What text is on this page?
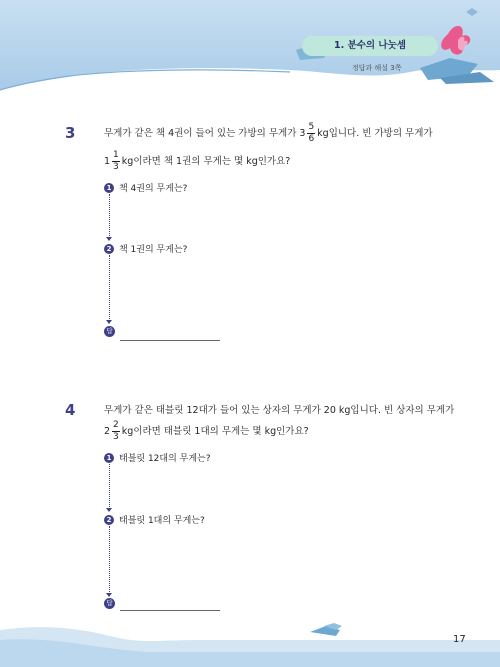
1. 분수의 나눗셈
정답과 해설 3쪽
3	무게가 같은 책 4권이 들어 있는 가방의 무게가 $3 \frac{5}{6}$ kg입니다. 빈 가방의 무게가
$1 \frac{1}{3}$ kg이라면 책 1권의 무게는 몇 kg인가요?
1 책 4권의 무게는?
2 책 1권의 무게는?
답
4	무게가 같은 태블릿 12대가 들어 있는 상자의 무게가 20 kg입니다. 빈 상자의 무게가
$2 \frac{2}{3}$ kg이라면 태블릿 1대의 무게는 몇 kg인가요?
1 태블릿 12대의 무게는?
2 태블릿 1대의 무게는?
답
17
